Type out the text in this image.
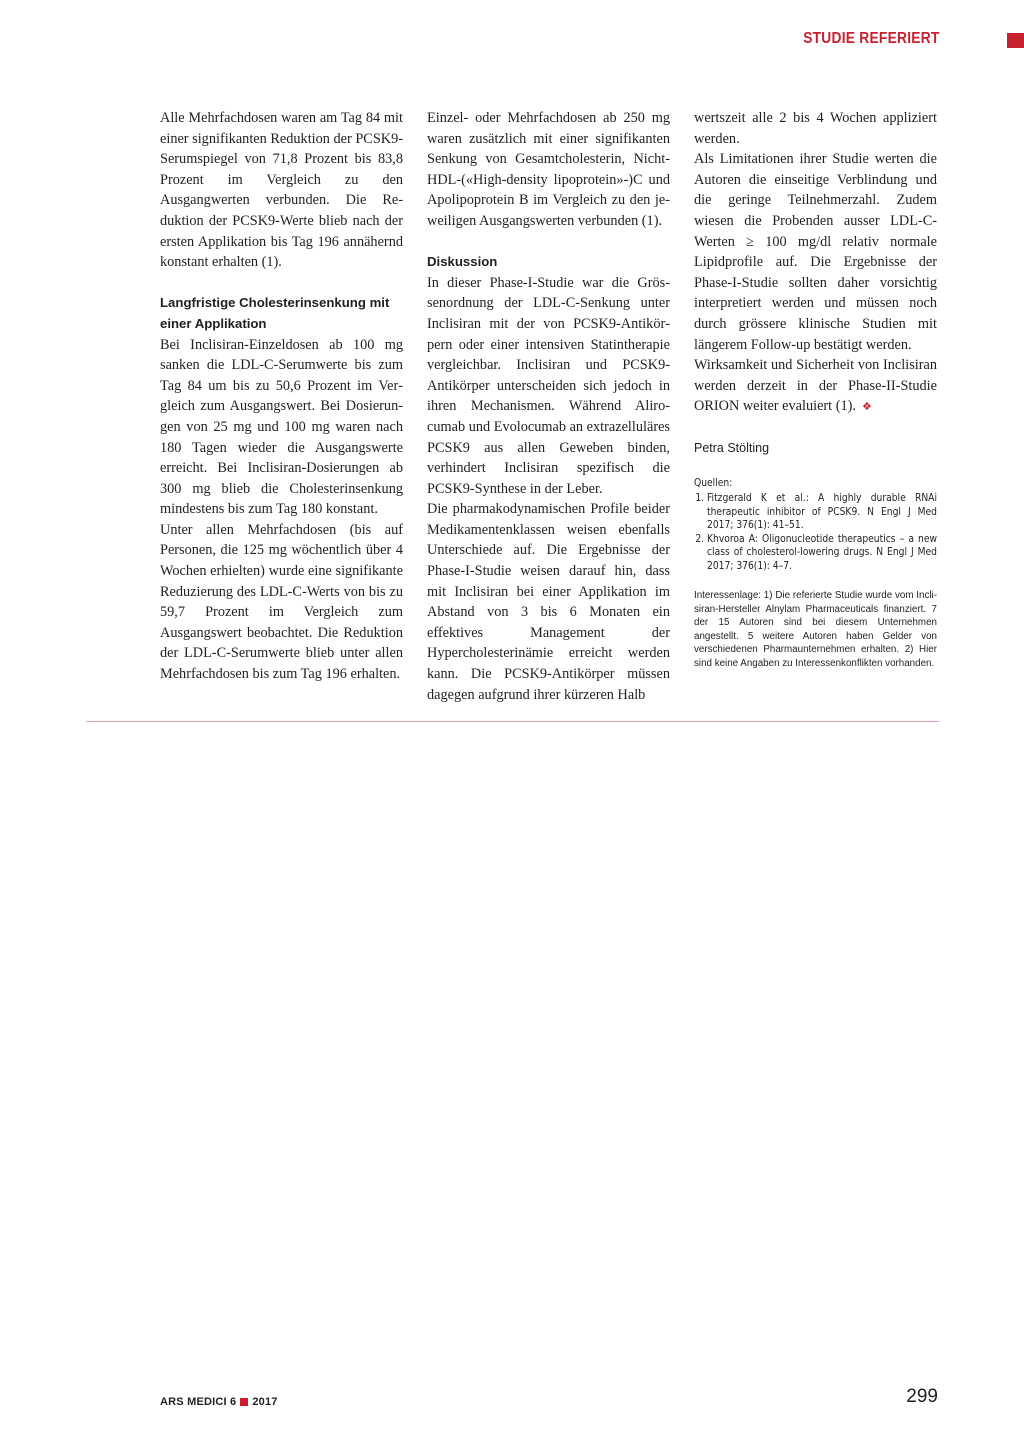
STUDIE REFERIERT

Alle Mehrfachdosen waren am Tag 84 mit einer signifikanten Reduktion der PCSK9- Serumspiegel von 71,8 Prozent bis 83,8 Prozent im Vergleich zu den Ausgangwerten verbunden. Die Reduktion der PCSK9-Werte blieb nach der ersten Applikation bis Tag 196 annähernd konstant erhalten (1).

Langfristige Cholesterinsenkung mit einer Applikation

Bei Inclisiran-Einzeldosen ab 100 mg sanken die LDL-C-Serumwerte bis zum Tag 84 um bis zu 50,6 Prozent im Vergleich zum Ausgangswert. Bei Dosierungen von 25 mg und 100 mg waren nach 180 Tagen wieder die Ausgangswerte erreicht. Bei Inclisiran-Dosierungen ab 300 mg blieb die Cholesterinsenkung mindestens bis zum Tag 180 konstant.

Unter allen Mehrfachdosen (bis auf Personen, die 125 mg wöchentlich über 4 Wochen erhielten) wurde eine signifikante Reduzierung des LDL-C-Werts von bis zu 59,7 Prozent im Vergleich zum Ausgangswert beobachtet. Die Reduktion der LDL-C-Serumwerte blieb unter allen Mehrfachdosen bis zum Tag 196 erhalten.

Einzel- oder Mehrfachdosen ab 250 mg waren zusätzlich mit einer signifikanten Senkung von Gesamtcholesterin, Nicht-HDL-(«High-density lipoprotein»-)C und Apolipoprotein B im Vergleich zu den jeweiligen Ausgangswerten verbunden (1).

Diskussion

In dieser Phase-I-Studie war die Grössenordnung der LDL-C-Senkung unter Inclisiran mit der von PCSK9-Antikörpern oder einer intensiven Statintherapie vergleichbar. Inclisiran und PCSK9-Antikörper unterscheiden sich jedoch in ihren Mechanismen. Während Alirocumab und Evolocumab an extrazelluläres PCSK9 aus allen Geweben binden, verhindert Inclisiran spezifisch die PCSK9-Synthese in der Leber.

Die pharmakodynamischen Profile beider Medikamentenklassen weisen ebenfalls Unterschiede auf. Die Ergebnisse der Phase-I-Studie weisen darauf hin, dass mit Inclisiran bei einer Applikation im Abstand von 3 bis 6 Monaten ein effektives Management der Hypercholesterinämie erreicht werden kann. Die PCSK9-Antikörper müssen dagegen aufgrund ihrer kürzeren Halb

wertszeit alle 2 bis 4 Wochen appliziert werden.

Als Limitationen ihrer Studie werten die Autoren die einseitige Verblindung und die geringe Teilnehmerzahl. Zudem wiesen die Probenden ausser LDL-C-Werten ≥ 100 mg/dl relativ normale Lipidprofile auf. Die Ergebnisse der Phase-I-Studie sollten daher vorsichtig interpretiert werden und müssen noch durch grössere klinische Studien mit längerem Follow-up bestätigt werden.

Wirksamkeit und Sicherheit von Inclisiran werden derzeit in der Phase-II-Studie ORION weiter evaluiert (1). ❖

Petra Stölting

Quellen:

1. Fitzgerald K et al.: A highly durable RNAi therapeutic inhibitor of PCSK9. N Engl J Med 2017; 376(1): 41–51.
2. Khvoroa A: Oligonucleotide therapeutics – a new class of cholesterol-lowering drugs. N Engl J Med 2017; 376(1): 4–7.
Interessenlage: 1) Die referierte Studie wurde vom Inclisiran-Hersteller Alnylam Pharmaceuticals finanziert. 7 der 15 Autoren sind bei diesem Unternehmen angestellt. 5 weitere Autoren haben Gelder von verschiedenen Pharmaunternehmen erhalten. 2) Hier sind keine Angaben zu Interessenkonflikten vorhanden.
ARS MEDICI 6 2017	299
